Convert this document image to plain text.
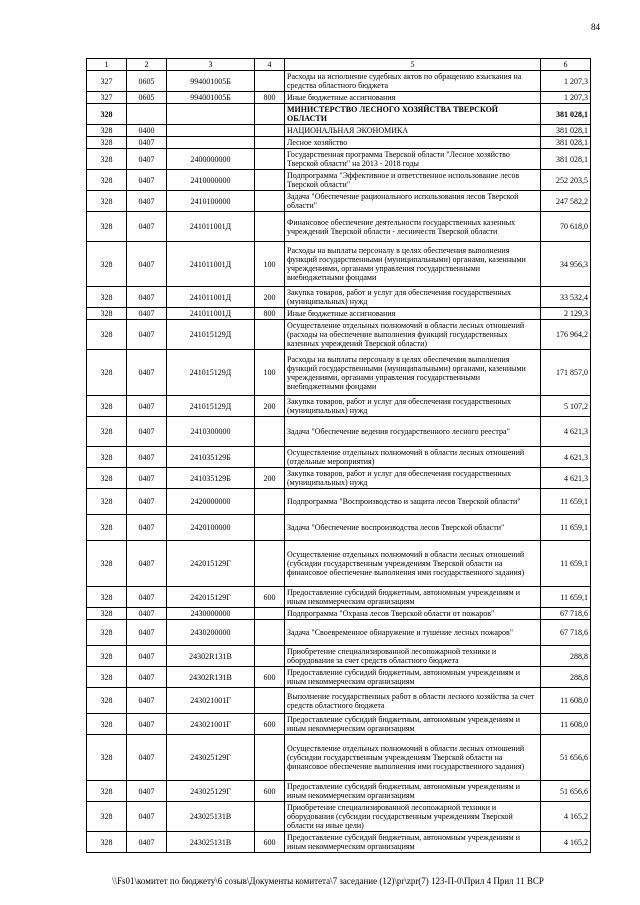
84
1	2	3	4	5	6
327	0605	994001005Б		Расходы на исполнение судебных актов по обращению взыскания на средства областного бюджета	1 207,3
327	0605	994001005Б	800	Иные бюджетные ассигнования	1 207,3
328				МИНИСТЕРСТВО ЛЕСНОГО ХОЗЯЙСТВА ТВЕРСКОЙ ОБЛАСТИ	381 028,1
328	0400			НАЦИОНАЛЬНАЯ ЭКОНОМИКА	381 028,1
328	0407			Лесное хозяйство	381 028,1
328	0407	2400000000		Государственная программа Тверской области "Лесное хозяйство Тверской области" на 2013 - 2018 годы	381 028,1
328	0407	2410000000		Подпрограмма "Эффективное и ответственное использование лесов Тверской области"	252 203,5
328	0407	2410100000		Задача "Обеспечение рационального использования лесов Тверской области"	247 582,2
328	0407	241011001Д		Финансовое обеспечение деятельности государственных казенных учреждений Тверской области - лесничеств Тверской области	70 618,0
328	0407	241011001Д	100	Расходы на выплаты персоналу в целях обеспечения выполнения функций государственными (муниципальными) органами, казенными учреждениями, органами управления государственными внебюджетными фондами	34 956,3
328	0407	241011001Д	200	Закупка товаров, работ и услуг для обеспечения государственных (муниципальных) нужд	33 532,4
328	0407	241011001Д	800	Иные бюджетные ассигнования	2 129,3
328	0407	241015129Д		Осуществление отдельных полномочий в области лесных отношений (расходы на обеспечение выполнения функций государственных казенных учреждений Тверской области)	176 964,2
328	0407	241015129Д	100	Расходы на выплаты персоналу в целях обеспечения выполнения функций государственными (муниципальными) органами, казенными учреждениями, органами управления государственными внебюджетными фондами	171 857,0
328	0407	241015129Д	200	Закупка товаров, работ и услуг для обеспечения государственных (муниципальных) нужд	5 107,2
328	0407	2410300000		Задача "Обеспечение ведения государственного лесного реестра"	4 621,3
328	0407	241035129Б		Осуществление отдельных полномочий в области лесных отношений (отдельные мероприятия)	4 621,3
328	0407	241035129Б	200	Закупка товаров, работ и услуг для обеспечения государственных (муниципальных) нужд	4 621,3
328	0407	2420000000		Подпрограмма "Воспроизводство и защита лесов Тверской области"	11 659,1
328	0407	2420100000		Задача "Обеспечение воспроизводства лесов Тверской области"	11 659,1
328	0407	242015129Г		Осуществление отдельных полномочий в области лесных отношений (субсидии государственным учреждениям Тверской области на финансовое обеспечение выполнения ими государственного задания)	11 659,1
328	0407	242015129Г	600	Предоставление субсидий бюджетным, автономным учреждениям и иным некоммерческим организациям	11 659,1
328	0407	2430000000		Подпрограмма "Охрана лесов Тверской области от пожаров"	67 718,6
328	0407	2430200000		Задача "Своевременное обнаружение и тушение лесных пожаров"	67 718,6
328	0407	24302R131B		Приобретение специализированной лесопожарной техники и оборудования за счет средств областного бюджета	288,8
328	0407	24302R131B	600	Предоставление субсидий бюджетным, автономным учреждениям и иным некоммерческим организациям	288,8
328	0407	243021001Г		Выполнение государственных работ в области лесного хозяйства за счет средств областного бюджета	11 608,0
328	0407	243021001Г	600	Предоставление субсидий бюджетным, автономным учреждениям и иным некоммерческим организациям	11 608,0
328	0407	243025129Г		Осуществление отдельных полномочий в области лесных отношений (субсидии государственным учреждениям Тверской области на финансовое обеспечение выполнения ими государственного задания)	51 656,6
328	0407	243025129Г	600	Предоставление субсидий бюджетным, автономным учреждениям и иным некоммерческим организациям	51 656,6
328	0407	243025131В		Приобретение специализированной лесопожарной техники и оборудования (субсидии государственным учреждениям Тверской области на иные цели)	4 165,2
328	0407	243025131В	600	Предоставление субсидий бюджетным, автономным учреждениям и иным некоммерческим организациям	4 165,2
\\Fs01\комитет по бюджету\6 созыв\Документы комитета\7 заседание (12)\pr\zpr(7) 123-П-0\Прил 4 Прил 11 ВСР
